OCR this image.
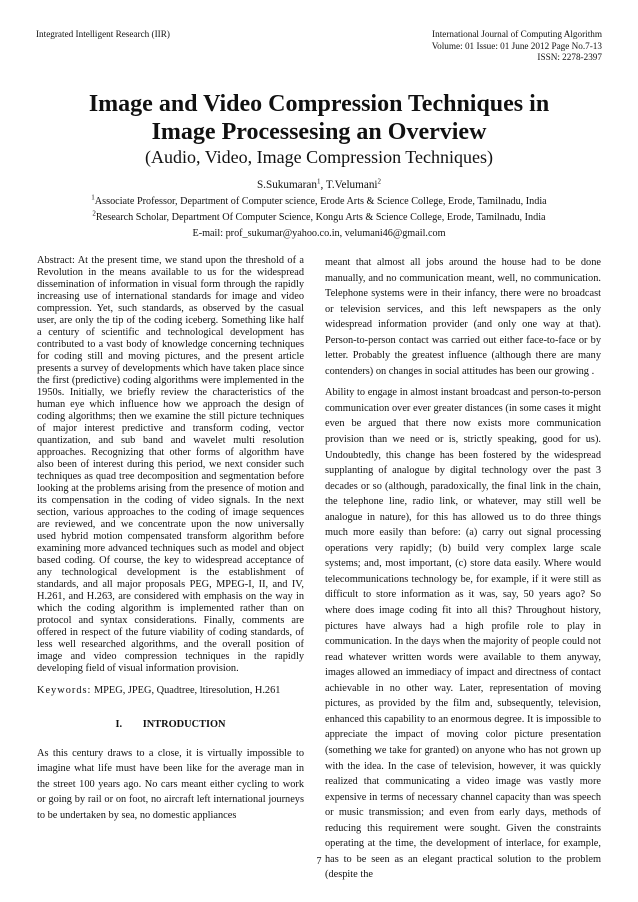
Integrated Intelligent Research (IIR)	International Journal of Computing Algorithm
Volume: 01 Issue: 01 June 2012 Page No.7-13
ISSN: 2278-2397
Image and Video Compression Techniques in
Image Processesing an Overview
(Audio, Video, Image Compression Techniques)
S.Sukumaran$^1$, T.Velumani$^2$
$^1$Associate Professor, Department of Computer science, Erode Arts & Science College, Erode, Tamilnadu, India
$^2$Research Scholar, Department Of Computer Science, Kongu Arts & Science College, Erode, Tamilnadu, India
E-mail: prof_sukumar@yahoo.co.in, velumani46@gmail.com

Abstract: At the present time, we stand upon the threshold of a Revolution in the means available to us for the widespread dissemination of information in visual form through the rapidly increasing use of international standards for image and video compression. Yet, such standards, as observed by the casual user, are only the tip of the coding iceberg. Something like half a century of scientific and technological development has contributed to a vast body of knowledge concerning techniques for coding still and moving pictures, and the present article presents a survey of developments which have taken place since the first (predictive) coding algorithms were implemented in the 1950s. Initially, we briefly review the characteristics of the human eye which influence how we approach the design of coding algorithms; then we examine the still picture techniques of major interest predictive and transform coding, vector quantization, and sub band and wavelet multi resolution approaches. Recognizing that other forms of algorithm have also been of interest during this period, we next consider such techniques as quad tree decomposition and segmentation before looking at the problems arising from the presence of motion and its compensation in the coding of video signals. In the next section, various approaches to the coding of image sequences are reviewed, and we concentrate upon the now universally used hybrid motion compensated transform algorithm before examining more advanced techniques such as model and object based coding. Of course, the key to widespread acceptance of any technological development is the establishment of standards, and all major proposals PEG, MPEG-I, II, and IV, H.261, and H.263, are considered with emphasis on the way in which the coding algorithm is implemented rather than on protocol and syntax considerations. Finally, comments are offered in respect of the future viability of coding standards, of less well researched algorithms, and the overall position of image and video compression techniques in the rapidly developing field of visual information provision.

Keywords: MPEG, JPEG, Quadtree, ltiresolution, H.261
I.        INTRODUCTION

As this century draws to a close, it is virtually impossible to imagine what life must have been like for the average man in the street 100 years ago. No cars meant either cycling to work or going by rail or on foot, no aircraft left international journeys to be undertaken by sea, no domestic appliances

meant that almost all jobs around the house had to be done manually, and no communication meant, well, no communication. Telephone systems were in their infancy, there were no broadcast or television services, and this left newspapers as the only widespread information provider (and only one way at that). Person-to-person contact was carried out either face-to-face or by letter. Probably the greatest influence (although there are many contenders) on changes in social attitudes has been our growing .

Ability to engage in almost instant broadcast and person-to-person communication over ever greater distances (in some cases it might even be argued that there now exists more communication provision than we need or is, strictly speaking, good for us). Undoubtedly, this change has been fostered by the widespread supplanting of analogue by digital technology over the past 3 decades or so (although, paradoxically, the final link in the chain, the telephone line, radio link, or whatever, may still well be analogue in nature), for this has allowed us to do three things much more easily than before: (a) carry out signal processing operations very rapidly; (b) build very complex large scale systems; and, most important, (c) store data easily. Where would telecommunications technology be, for example, if it were still as difficult to store information as it was, say, 50 years ago? So where does image coding fit into all this? Throughout history, pictures have always had a high profile role to play in communication. In the days when the majority of people could not read whatever written words were available to them anyway, images allowed an immediacy of impact and directness of contact achievable in no other way. Later, representation of moving pictures, as provided by the film and, subsequently, television, enhanced this capability to an enormous degree. It is impossible to appreciate the impact of moving color picture presentation (something we take for granted) on anyone who has not grown up with the idea. In the case of television, however, it was quickly realized that communicating a video image was vastly more expensive in terms of necessary channel capacity than was speech or music transmission; and even from early days, methods of reducing this requirement were sought. Given the constraints operating at the time, the development of interlace, for example, has to be seen as an elegant practical solution to the problem (despite the

7
